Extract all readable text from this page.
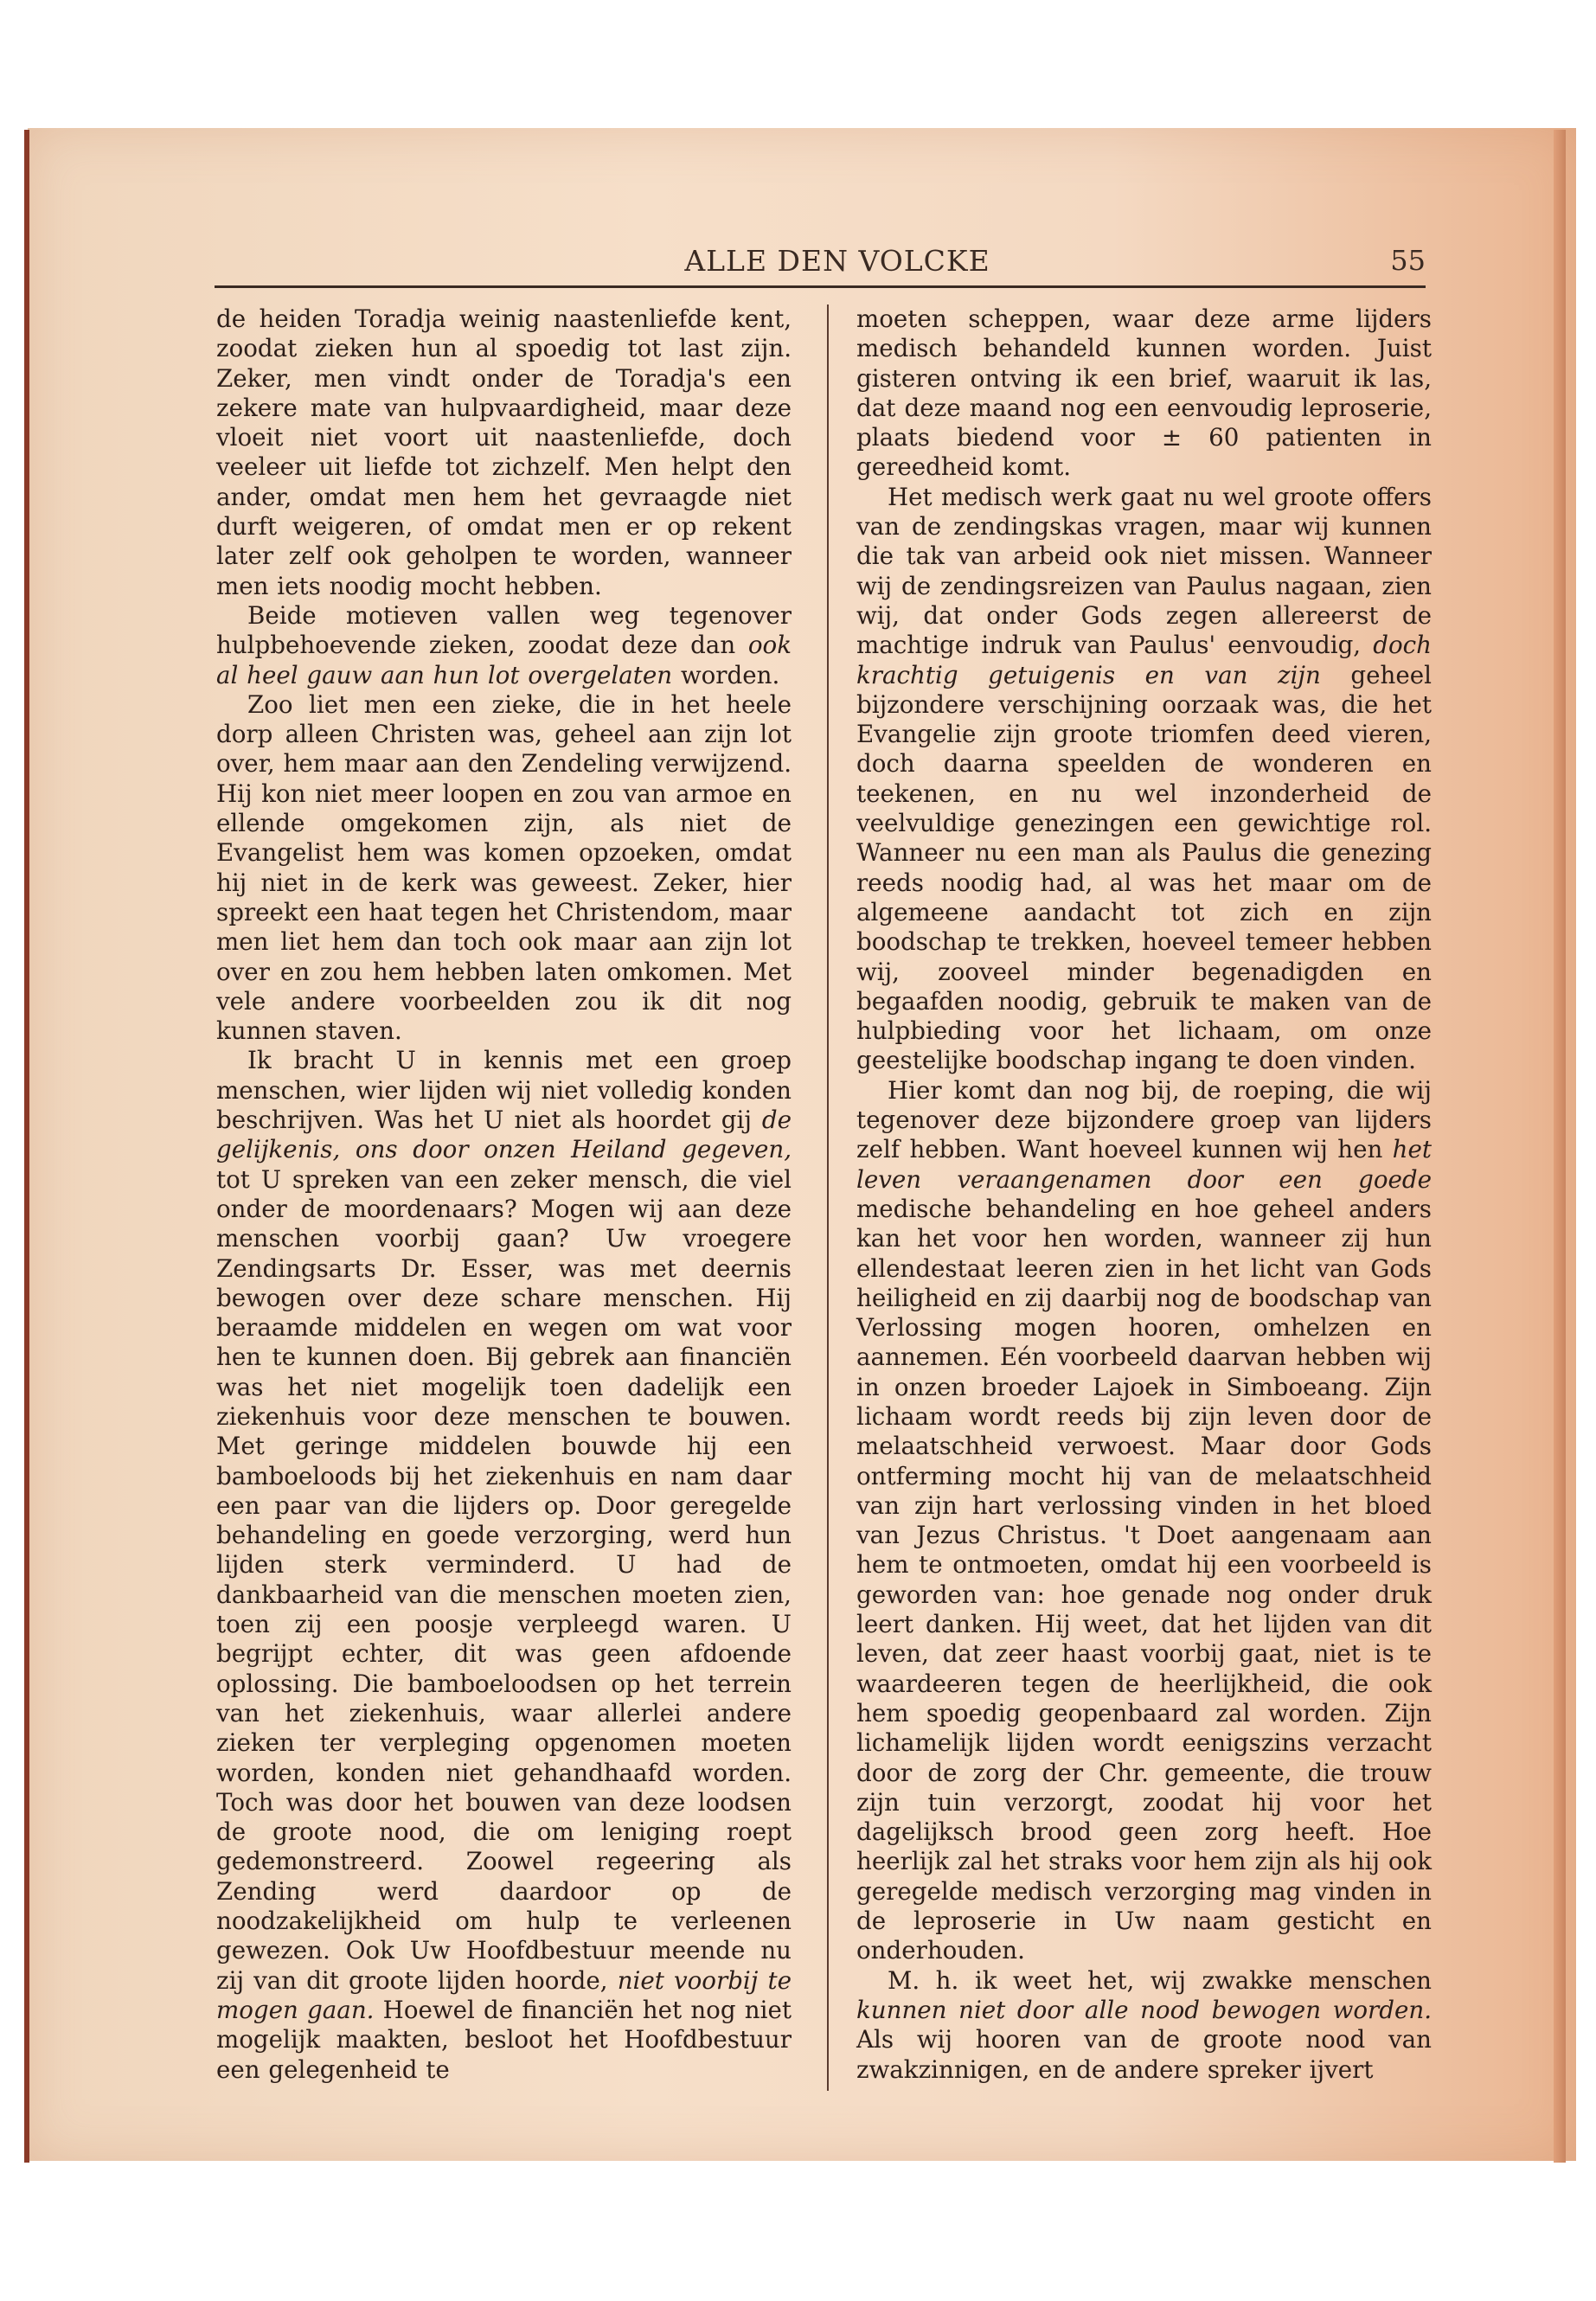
ALLE DEN VOLCKE	55

de heiden Toradja weinig naastenliefde kent, zoodat zieken hun al spoedig tot last zijn. Zeker, men vindt onder de Toradja's een zekere mate van hulpvaardigheid, maar deze vloeit niet voort uit naastenliefde, doch veeleer uit liefde tot zichzelf. Men helpt den ander, omdat men hem het gevraagde niet durft weigeren, of omdat men er op rekent later zelf ook geholpen te worden, wanneer men iets noodig mocht hebben.

Beide motieven vallen weg tegenover hulpbehoevende zieken, zoodat deze dan ook al heel gauw aan hun lot overgelaten worden.

Zoo liet men een zieke, die in het heele dorp alleen Christen was, geheel aan zijn lot over, hem maar aan den Zendeling verwijzend. Hij kon niet meer loopen en zou van armoe en ellende omgekomen zijn, als niet de Evangelist hem was komen opzoeken, omdat hij niet in de kerk was geweest. Zeker, hier spreekt een haat tegen het Christendom, maar men liet hem dan toch ook maar aan zijn lot over en zou hem hebben laten omkomen. Met vele andere voorbeelden zou ik dit nog kunnen staven.

Ik bracht U in kennis met een groep menschen, wier lijden wij niet volledig konden beschrijven. Was het U niet als hoordet gij de gelijkenis, ons door onzen Heiland gegeven, tot U spreken van een zeker mensch, die viel onder de moordenaars? Mogen wij aan deze menschen voorbij gaan? Uw vroegere Zendingsarts Dr. Esser, was met deernis bewogen over deze schare menschen. Hij beraamde middelen en wegen om wat voor hen te kunnen doen. Bij gebrek aan financiën was het niet mogelijk toen dadelijk een ziekenhuis voor deze menschen te bouwen. Met geringe middelen bouwde hij een bamboeloods bij het ziekenhuis en nam daar een paar van die lijders op. Door geregelde behandeling en goede verzorging, werd hun lijden sterk verminderd. U had de dankbaarheid van die menschen moeten zien, toen zij een poosje verpleegd waren. U begrijpt echter, dit was geen afdoende oplossing. Die bamboeloodsen op het terrein van het ziekenhuis, waar allerlei andere zieken ter verpleging opgenomen moeten worden, konden niet gehandhaafd worden. Toch was door het bouwen van deze loodsen de groote nood, die om leniging roept gedemonstreerd. Zoowel regeering als Zending werd daardoor op de noodzakelijkheid om hulp te verleenen gewezen. Ook Uw Hoofdbestuur meende nu zij van dit groote lijden hoorde, niet voorbij te mogen gaan. Hoewel de financiën het nog niet mogelijk maakten, besloot het Hoofdbestuur een gelegenheid te

moeten scheppen, waar deze arme lijders medisch behandeld kunnen worden. Juist gisteren ontving ik een brief, waaruit ik las, dat deze maand nog een eenvoudig leproserie, plaats biedend voor ± 60 patienten in gereedheid komt.

Het medisch werk gaat nu wel groote offers van de zendingskas vragen, maar wij kunnen die tak van arbeid ook niet missen. Wanneer wij de zendingsreizen van Paulus nagaan, zien wij, dat onder Gods zegen allereerst de machtige indruk van Paulus' eenvoudig, doch krachtig getuigenis en van zijn geheel bijzondere verschijning oorzaak was, die het Evangelie zijn groote triomfen deed vieren, doch daarna speelden de wonderen en teekenen, en nu wel inzonderheid de veelvuldige genezingen een gewichtige rol. Wanneer nu een man als Paulus die genezing reeds noodig had, al was het maar om de algemeene aandacht tot zich en zijn boodschap te trekken, hoeveel temeer hebben wij, zooveel minder begenadigden en begaafden noodig, gebruik te maken van de hulpbieding voor het lichaam, om onze geestelijke boodschap ingang te doen vinden.

Hier komt dan nog bij, de roeping, die wij tegenover deze bijzondere groep van lijders zelf hebben. Want hoeveel kunnen wij hen het leven veraangenamen door een goede medische behandeling en hoe geheel anders kan het voor hen worden, wanneer zij hun ellendestaat leeren zien in het licht van Gods heiligheid en zij daarbij nog de boodschap van Verlossing mogen hooren, omhelzen en aannemen. Eén voorbeeld daarvan hebben wij in onzen broeder Lajoek in Simboeang. Zijn lichaam wordt reeds bij zijn leven door de melaatschheid verwoest. Maar door Gods ontferming mocht hij van de melaatschheid van zijn hart verlossing vinden in het bloed van Jezus Christus. 't Doet aangenaam aan hem te ontmoeten, omdat hij een voorbeeld is geworden van: hoe genade nog onder druk leert danken. Hij weet, dat het lijden van dit leven, dat zeer haast voorbij gaat, niet is te waardeeren tegen de heerlijkheid, die ook hem spoedig geopenbaard zal worden. Zijn lichamelijk lijden wordt eenigszins verzacht door de zorg der Chr. gemeente, die trouw zijn tuin verzorgt, zoodat hij voor het dagelijksch brood geen zorg heeft. Hoe heerlijk zal het straks voor hem zijn als hij ook geregelde medisch verzorging mag vinden in de leproserie in Uw naam gesticht en onderhouden.

M. h. ik weet het, wij zwakke menschen kunnen niet door alle nood bewogen worden. Als wij hooren van de groote nood van zwakzinnigen, en de andere spreker ijvert
